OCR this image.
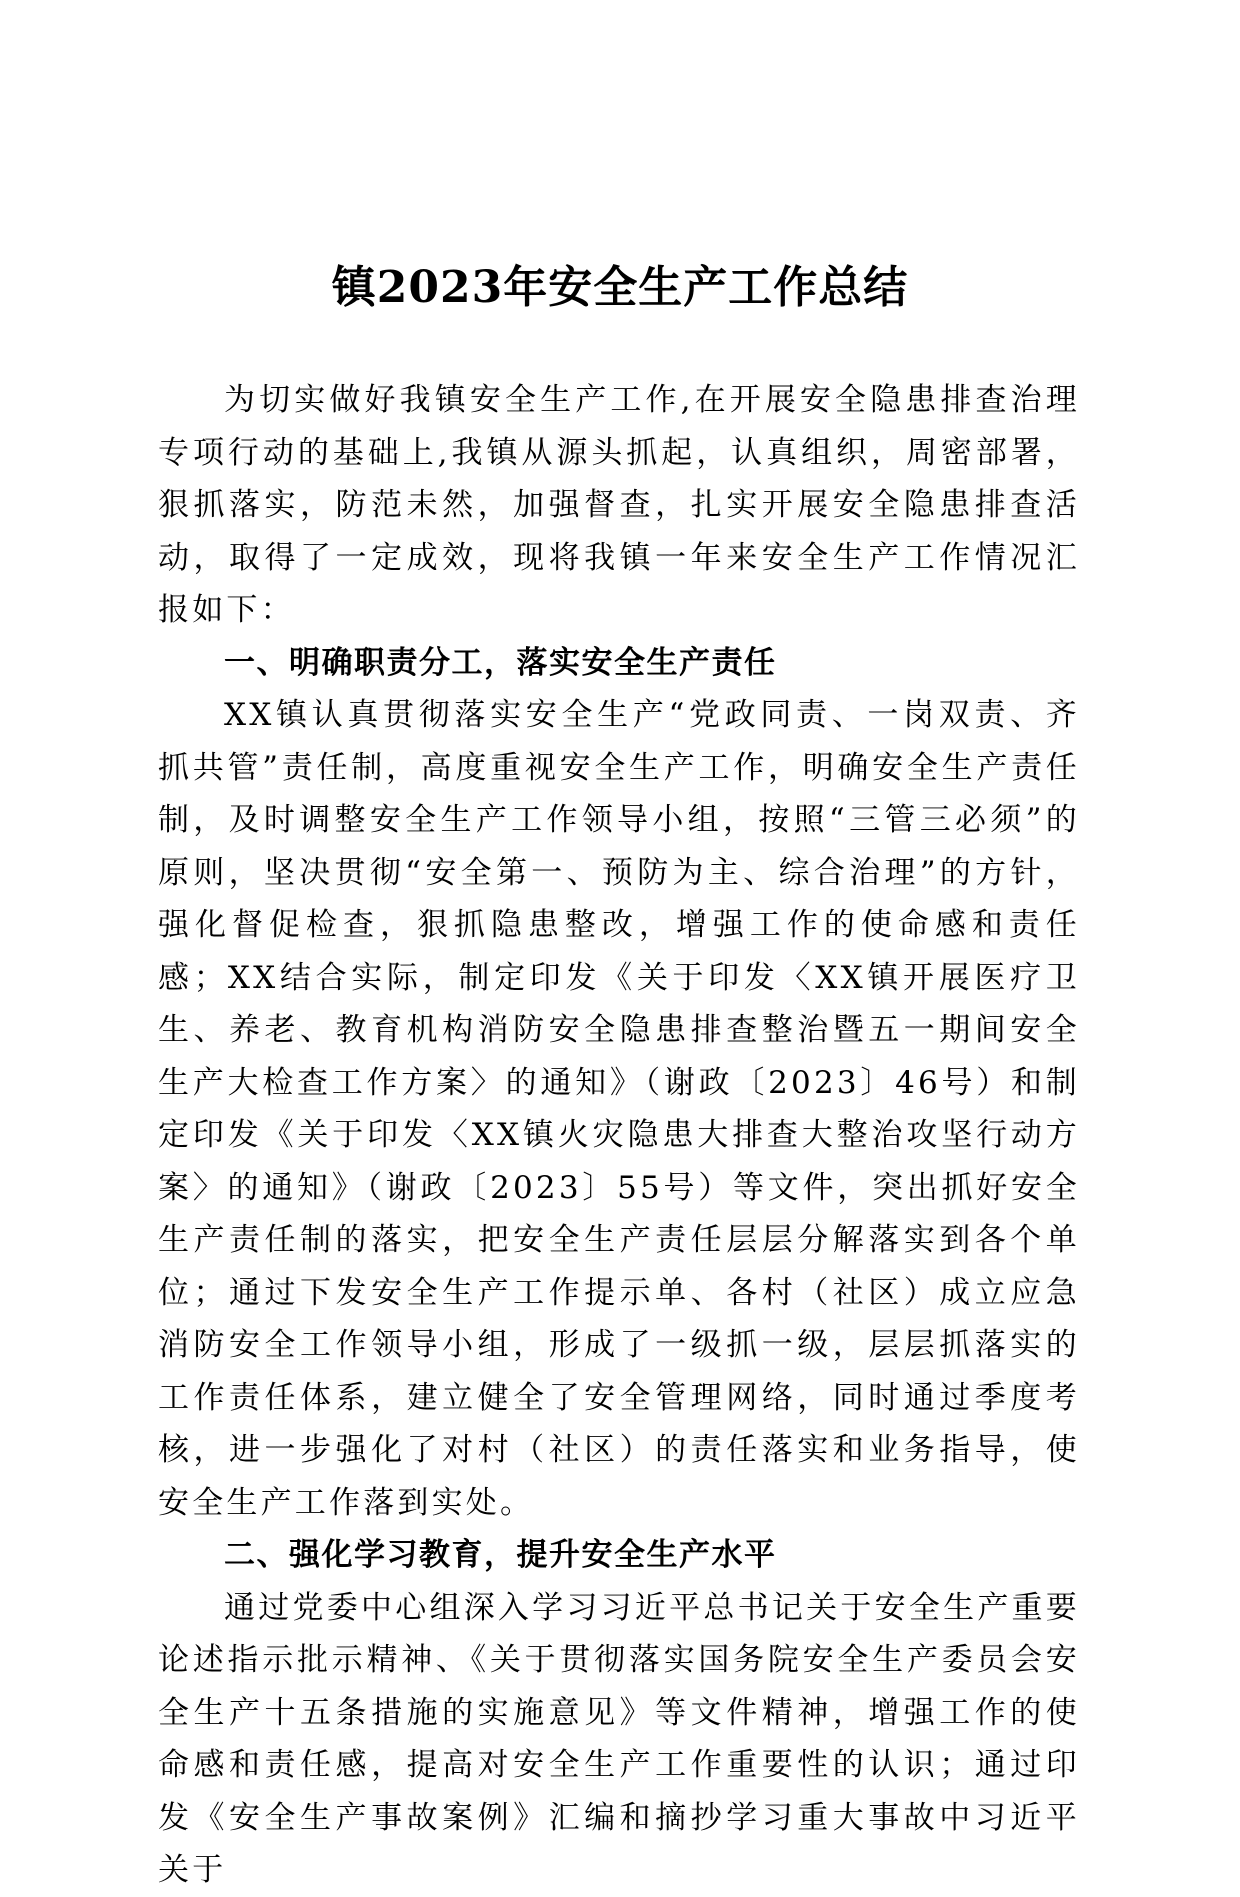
镇2023年安全生产工作总结

为切实做好我镇安全生产工作,在开展安全隐患排查治理专项行动的基础上,我镇从源头抓起，认真组织，周密部署，狠抓落实，防范未然，加强督查，扎实开展安全隐患排查活动，取得了一定成效，现将我镇一年来安全生产工作情况汇报如下：

一、明确职责分工，落实安全生产责任

XX镇认真贯彻落实安全生产“党政同责、一岗双责、齐抓共管”责任制，高度重视安全生产工作，明确安全生产责任制，及时调整安全生产工作领导小组，按照“三管三必须”的原则，坚决贯彻“安全第一、预防为主、综合治理”的方针，强化督促检查，狠抓隐患整改，增强工作的使命感和责任感；XX结合实际，制定印发《关于印发〈XX镇开展医疗卫生、养老、教育机构消防安全隐患排查整治暨五一期间安全生产大检查工作方案〉的通知》（谢政〔2023〕46号）和制定印发《关于印发〈XX镇火灾隐患大排查大整治攻坚行动方案〉的通知》（谢政〔2023〕55号）等文件，突出抓好安全生产责任制的落实，把安全生产责任层层分解落实到各个单位；通过下发安全生产工作提示单、各村（社区）成立应急消防安全工作领导小组，形成了一级抓一级，层层抓落实的工作责任体系，建立健全了安全管理网络，同时通过季度考核，进一步强化了对村（社区）的责任落实和业务指导，使安全生产工作落到实处。

二、强化学习教育，提升安全生产水平

通过党委中心组深入学习习近平总书记关于安全生产重要论述指示批示精神、《关于贯彻落实国务院安全生产委员会安全生产十五条措施的实施意见》等文件精神，增强工作的使命感和责任感，提高对安全生产工作重要性的认识；通过印发《安全生产事故案例》汇编和摘抄学习重大事故中习近平关于
